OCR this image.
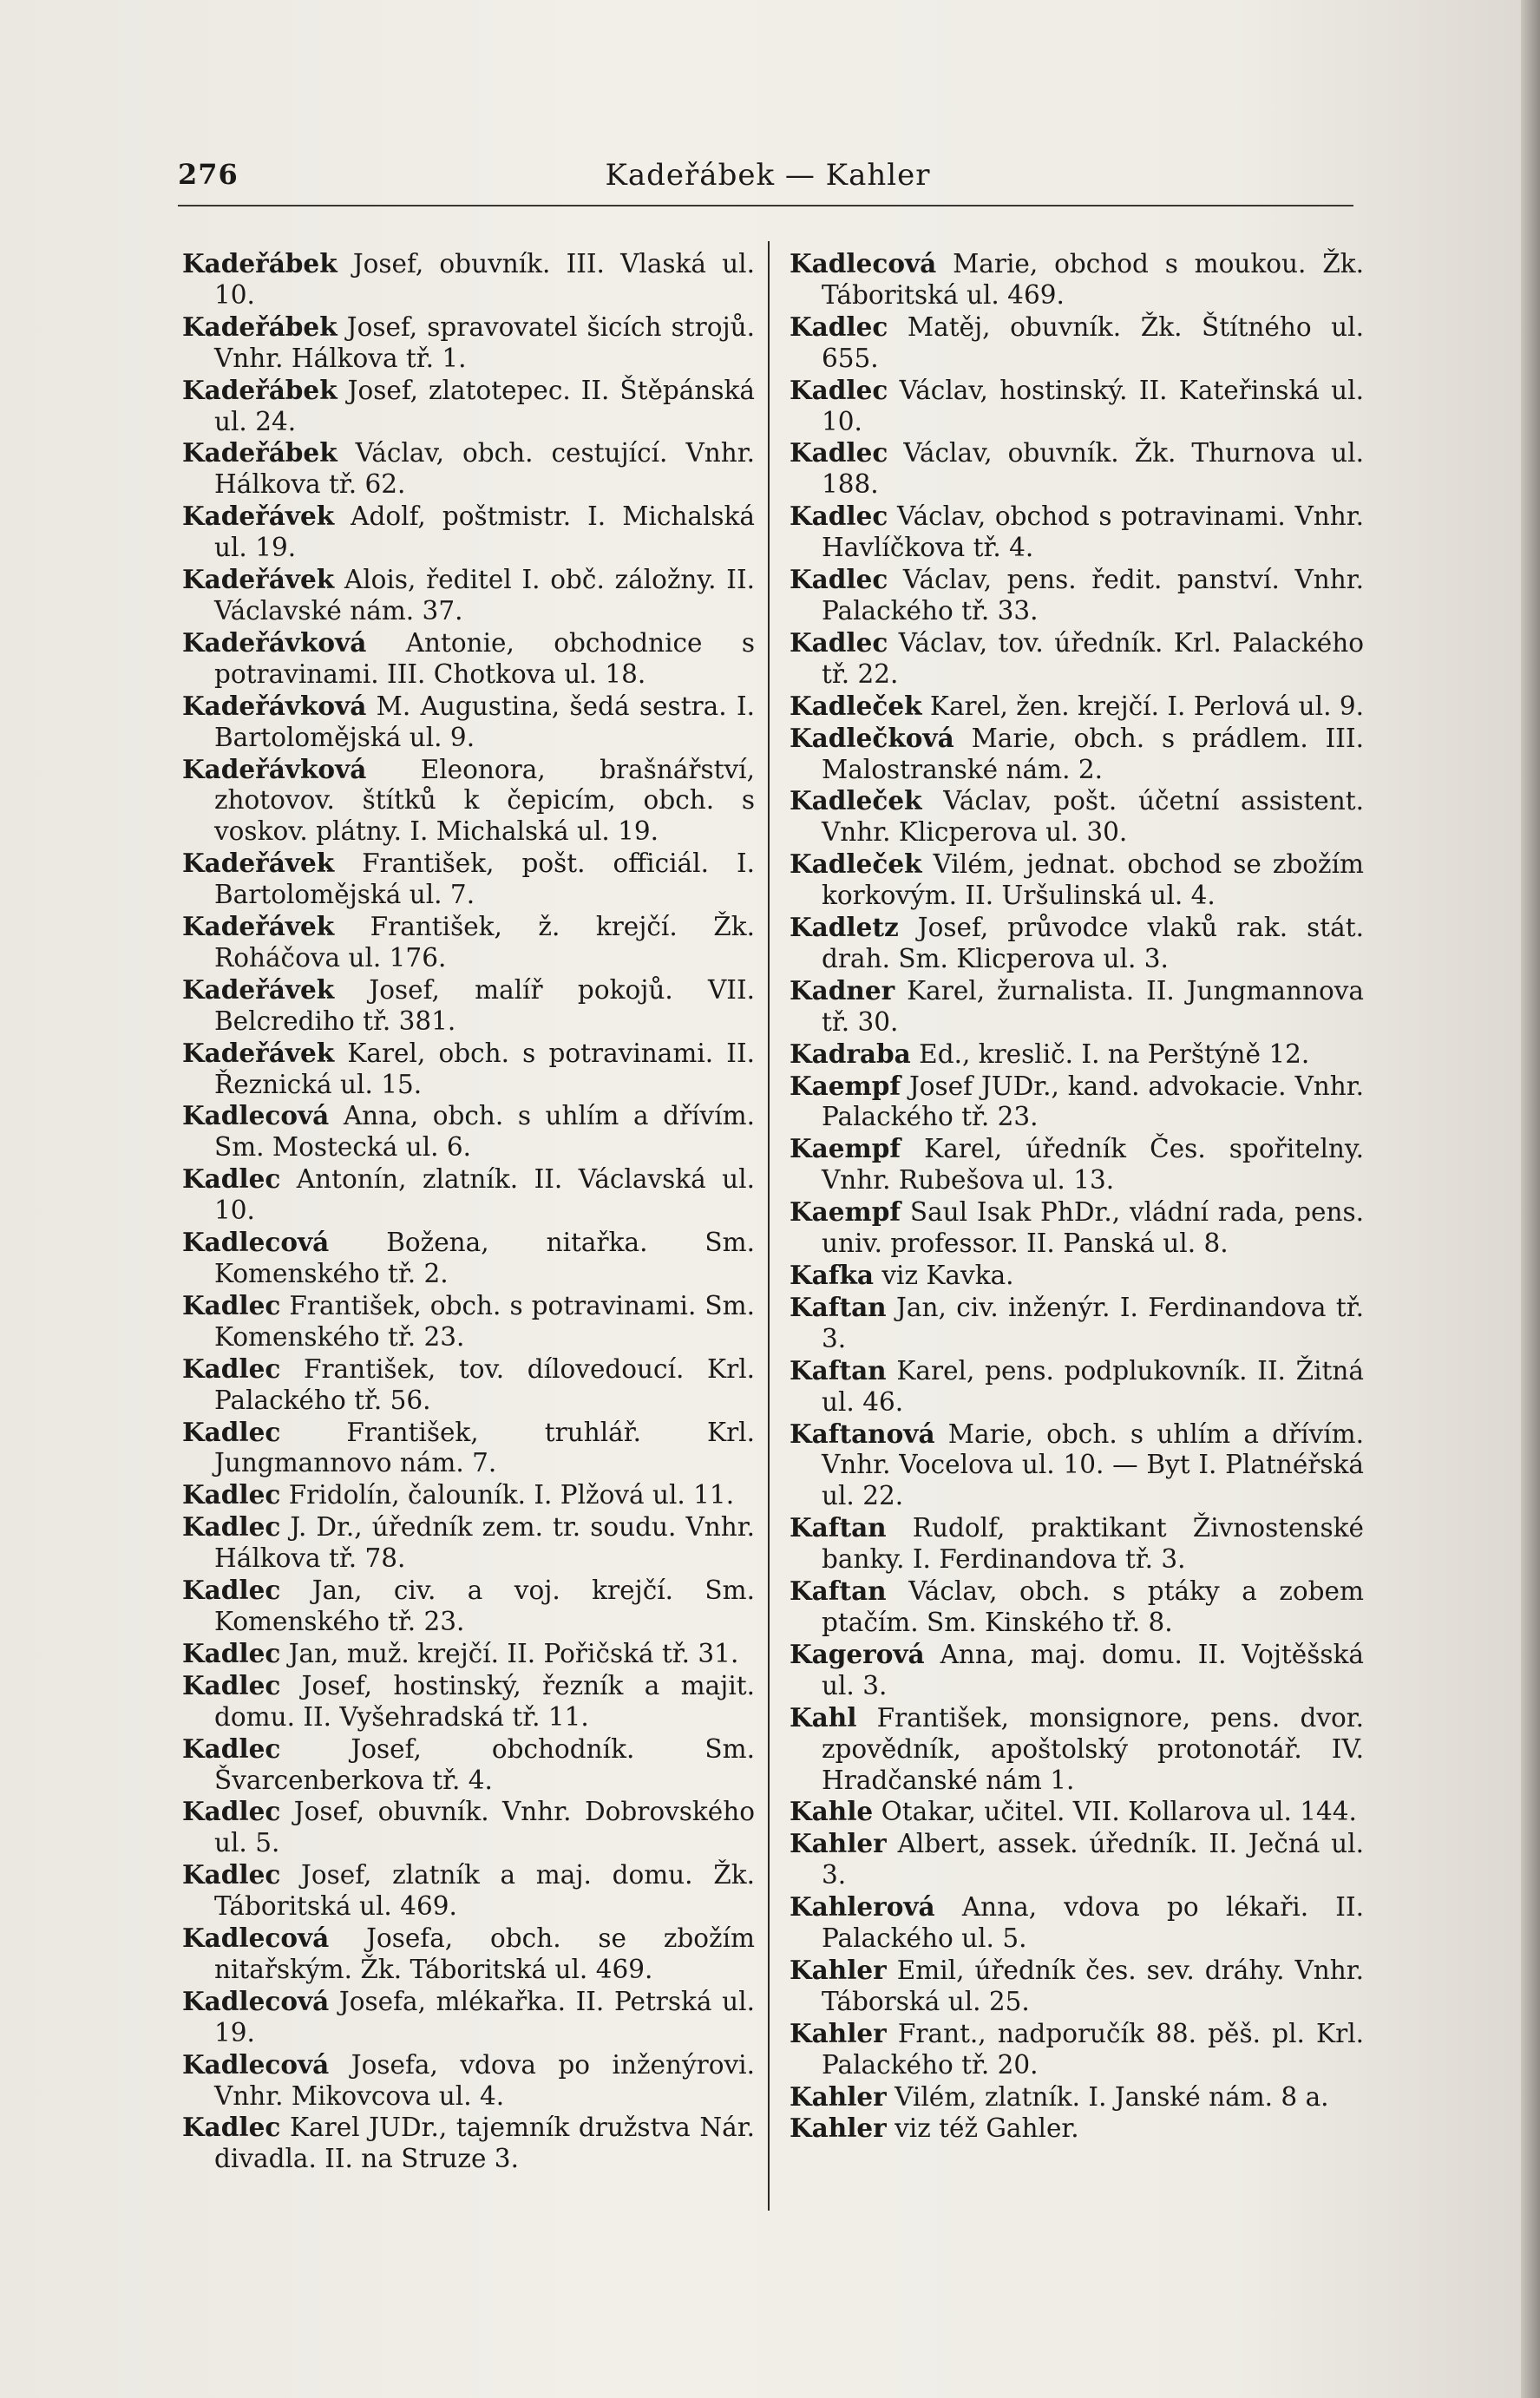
276	Kadeřábek — Kahler

Kadeřábek Josef, obuvník. III. Vlaská ul. 10.

Kadeřábek Josef, spravovatel šicích strojů. Vnhr. Hálkova tř. 1.

Kadeřábek Josef, zlatotepec. II. Štěpánská ul. 24.

Kadeřábek Václav, obch. cestující. Vnhr. Hálkova tř. 62.

Kadeřávek Adolf, poštmistr. I. Michalská ul. 19.

Kadeřávek Alois, ředitel I. obč. záložny. II. Václavské nám. 37.

Kadeřávková Antonie, obchodnice s potravinami. III. Chotkova ul. 18.

Kadeřávková M. Augustina, šedá sestra. I. Bartolomějská ul. 9.

Kadeřávková Eleonora, brašnářství, zhotovov. štítků k čepicím, obch. s voskov. plátny. I. Michalská ul. 19.

Kadeřávek František, pošt. officiál. I. Bartolomějská ul. 7.

Kadeřávek František, ž. krejčí. Žk. Roháčova ul. 176.

Kadeřávek Josef, malíř pokojů. VII. Belcrediho tř. 381.

Kadeřávek Karel, obch. s potravinami. II. Řeznická ul. 15.

Kadlecová Anna, obch. s uhlím a dřívím. Sm. Mostecká ul. 6.

Kadlec Antonín, zlatník. II. Václavská ul. 10.

Kadlecová Božena, nitařka. Sm. Komenského tř. 2.

Kadlec František, obch. s potravinami. Sm. Komenského tř. 23.

Kadlec František, tov. dílovedoucí. Krl. Palackého tř. 56.

Kadlec František, truhlář. Krl. Jungmannovo nám. 7.

Kadlec Fridolín, čalouník. I. Plžová ul. 11.

Kadlec J. Dr., úředník zem. tr. soudu. Vnhr. Hálkova tř. 78.

Kadlec Jan, civ. a voj. krejčí. Sm. Komenského tř. 23.

Kadlec Jan, muž. krejčí. II. Pořičská tř. 31.

Kadlec Josef, hostinský, řezník a majit. domu. II. Vyšehradská tř. 11.

Kadlec Josef, obchodník. Sm. Švarcenberkova tř. 4.

Kadlec Josef, obuvník. Vnhr. Dobrovského ul. 5.

Kadlec Josef, zlatník a maj. domu. Žk. Táboritská ul. 469.

Kadlecová Josefa, obch. se zbožím nitařským. Žk. Táboritská ul. 469.

Kadlecová Josefa, mlékařka. II. Petrská ul. 19.

Kadlecová Josefa, vdova po inženýrovi. Vnhr. Mikovcova ul. 4.

Kadlec Karel JUDr., tajemník družstva Nár. divadla. II. na Struze 3.

Kadlecová Marie, obchod s moukou. Žk. Táboritská ul. 469.

Kadlec Matěj, obuvník. Žk. Štítného ul. 655.

Kadlec Václav, hostinský. II. Kateřinská ul. 10.

Kadlec Václav, obuvník. Žk. Thurnova ul. 188.

Kadlec Václav, obchod s potravinami. Vnhr. Havlíčkova tř. 4.

Kadlec Václav, pens. ředit. panství. Vnhr. Palackého tř. 33.

Kadlec Václav, tov. úředník. Krl. Palackého tř. 22.

Kadleček Karel, žen. krejčí. I. Perlová ul. 9.

Kadlečková Marie, obch. s prádlem. III. Malostranské nám. 2.

Kadleček Václav, pošt. účetní assistent. Vnhr. Klicperova ul. 30.

Kadleček Vilém, jednat. obchod se zbožím korkovým. II. Uršulinská ul. 4.

Kadletz Josef, průvodce vlaků rak. stát. drah. Sm. Klicperova ul. 3.

Kadner Karel, žurnalista. II. Jungmannova tř. 30.

Kadraba Ed., kreslič. I. na Perštýně 12.

Kaempf Josef JUDr., kand. advokacie. Vnhr. Palackého tř. 23.

Kaempf Karel, úředník Čes. spořitelny. Vnhr. Rubešova ul. 13.

Kaempf Saul Isak PhDr., vládní rada, pens. univ. professor. II. Panská ul. 8.

Kafka viz Kavka.

Kaftan Jan, civ. inženýr. I. Ferdinandova tř. 3.

Kaftan Karel, pens. podplukovník. II. Žitná ul. 46.

Kaftanová Marie, obch. s uhlím a dřívím. Vnhr. Vocelova ul. 10. — Byt I. Platnéřská ul. 22.

Kaftan Rudolf, praktikant Živnostenské banky. I. Ferdinandova tř. 3.

Kaftan Václav, obch. s ptáky a zobem ptačím. Sm. Kinského tř. 8.

Kagerová Anna, maj. domu. II. Vojtěšská ul. 3.

Kahl František, monsignore, pens. dvor. zpovědník, apoštolský protonotář. IV. Hradčanské nám 1.

Kahle Otakar, učitel. VII. Kollarova ul. 144.

Kahler Albert, assek. úředník. II. Ječná ul. 3.

Kahlerová Anna, vdova po lékaři. II. Palackého ul. 5.

Kahler Emil, úředník čes. sev. dráhy. Vnhr. Táborská ul. 25.

Kahler Frant., nadporučík 88. pěš. pl. Krl. Palackého tř. 20.

Kahler Vilém, zlatník. I. Janské nám. 8 a.

Kahler viz též Gahler.
